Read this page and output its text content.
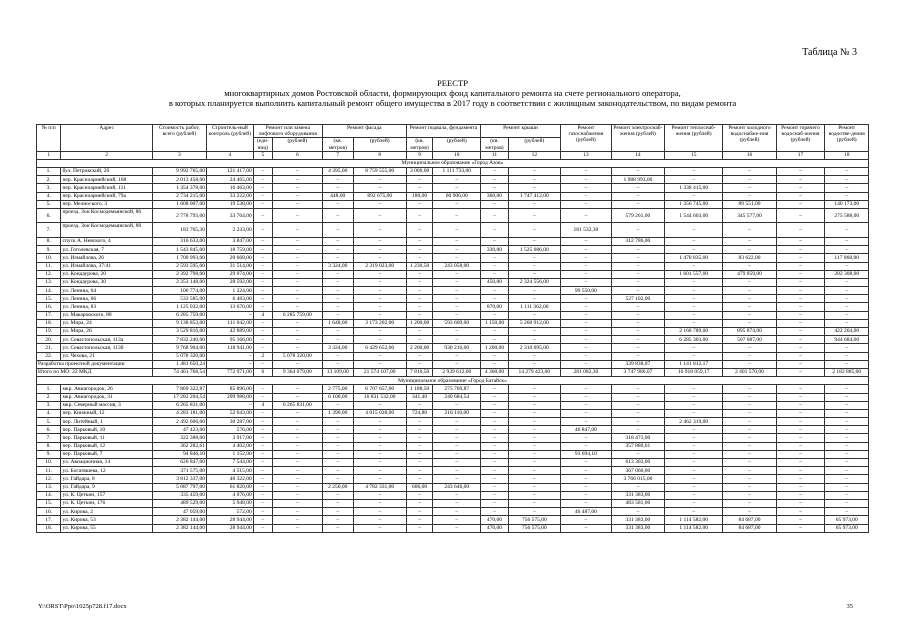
Таблица № 3
РЕЕСТР
многоквартирных домов Ростовской области, формирующих фонд капитального ремонта на счете регионального оператора,
в которых планируется выполнить капитальный ремонт общего имущества в 2017 году в соответствии с жилищным законодательством, по видам ремонта
№ п/п	Адрес	Стоимость работ, всего (рублей)	Строитель-ный контроль (рублей)	Ремонт или замена лифтового оборудования		Ремонт фасада		Ремонт подвала, фундамента		Ремонт крыши		Ремонт газоснабжения (рублей)	Ремонт электроснаб-жения (рублей)	Ремонт теплоснаб-жения (рублей)	Ремонт холодного водоснабже-ния (рублей)	Ремонт горячего водоснаб-жения (рублей)	Ремонт водоотве-дения (рублей)
				(еди-ниц)	(рублей)	(кв. метров)	(рублей)	(кв. метров)	(рублей)	(кв. метров)	(рублей)						
1	2	3	4	5	6	7	8	9	10	11	12	13	14	15	16	17	18
Муниципальное образование «Город Азов»																	
1.	бул. Петровский, 20	9 992 765,00	121 417,00	–	–	4 395,00	8 759 555,00	3 000,00	1 111 733,00	–	–	–	–	–	–	–	–
2.	пер. Красноармейский, 108	2 013 458,00	24 465,00	–	–	–	–	–	–	–	–	–	1 988 993,00	–	–	–	–
3.	пер. Красноармейский, 111	1 354 378,00	16 463,00	–	–	–	–	–	–	–	–	–	–	1 338 415,00	–	–	–
4.	пер. Красноармейский, 79а	2 734 215,00	33 222,00	–	–	448,00	892 675,00	180,00	60 906,00	360,00	1 747 412,00	–	–	–	–	–	–
5.	пер. Мелиоского, 3	1 608 007,00	19 538,00	–	–	–	–	–	–	–	–	–	–	1 356 745,00	89 551,00	–	140 173,00
6.	проезд. Зои Космодемьянской, 86	2 778 793,00	33 764,00	–	–	–	–	–	–	–	–	–	579 261,00	1 544 603,00	345 577,00	–	275 588,00
7.	проезд. Зои Космодемьянской, 88	183 765,30	2 233,00	–	–	–	–	–	–	–	–	181 532,30	–	–	–	–	–
8.	спуск А. Невского, 4	316 633,00	3 847,00	–	–	–	–	–	–	–	–	–	312 786,00	–	–	–	–
9.	ул. Гоголевская, 7	1 543 845,00	18 759,00	–	–	–	–	–	–	330,00	1 525 086,00	–	–	–	–	–	–
10.	ул. Измайлова, 26	1 700 993,00	20 668,00	–	–	–	–	–	–	–	–	–	–	1 478 835,00	83 622,00	–	117 868,00
11.	ул. Измайлова, 37/41	2 593 595,00	31 514,00	–	–	3 324,00	2 319 023,00	1 230,50	243 058,00	–	–	–	–	–	–	–	–
12.	ул. Кондаурова, 20	2 392 798,00	29 074,00	–	–	–	–	–	–	–	–	–	–	1 601 557,00	479 859,00	–	282 308,00
13.	ул. Кондаурова, 30	2 353 148,00	28 592,00	–	–	–	–	–	–	450,00	2 324 556,00	–	–	–	–	–	–
14.	ул. Ленина, 64	100 774,00	1 224,00	–	–	–	–	–	–	–	–	99 550,00	–	–	–	–	–
15.	ул. Ленина, 66	533 585,00	6 483,00	–	–	–	–	–	–	–	–	–	527 102,00	–	–	–	–
16.	ул. Ленина, 83	1 125 032,00	13 670,00	–	–	–	–	–	–	870,00	1 111 362,00	–	–	–	–	–	–
17.	ул. Макаровского, 88	6 285 759,00	–	4	6 285 759,00	–	–	–	–	–	–	–	–	–	–	–	–
18.	ул. Мира, 24	9 138 853,00	111 042,00	–	–	1 648,00	3 173 202,00	1 200,00	593 609,00	1 150,00	5 260 912,00	–	–	–	–	–	–
19.	ул. Мира, 26	3 529 816,00	42 889,00	–	–	–	–	–	–	–	–	–	–	2 168 789,00	895 874,00	–	422 264,00
20.	ул. Севастопольская, 113а	7 832 240,00	95 166,00	–	–	–	–	–	–	–	–	–	–	6 285 303,00	507 087,00	–	944 684,00
21.	ул. Севастопольская, 113б	9 768 904,00	118 941,00	–	–	3 324,00	6 429 652,00	2 200,00	930 216,00	1 200,00	2 310 095,00	–	–	–	–	–	–
22.	ул. Чехова, 21	5 078 320,00	–	2	5 078 320,00	–	–	–	–	–	–	–	–	–	–	–	–
Разработка проектной документации		1 481 650,24	–	–	–	–	–	–	–	–	–	–	339 838,07	1 141 812,17	–	–	–
Итого по МО: 22 МКД		74 461 768,54	772 971,00	6	9 364 079,00	13 109,00	21 574 107,00	7 810,50	2 939 612,00	4 360,00	14 279 423,00	281 082,30	3 747 980,07	16 918 059,17	2 401 570,00	–	2 182 885,00
Муниципальное образование «Город Батайск»																	
1.	мкр. Авиагородок, 26	7 869 322,87	85 896,00	–	–	2 775,00	6 707 657,00	1 188,50	275 769,87	–	–	–	–	–	–	–	–
2.	мкр. Авиагородок, 31	17 282 204,54	209 988,00	–	–	6 100,00	16 831 532,00	341,40	240 684,54	–	–	–	–	–	–	–	–
3.	мкр. Северный массив, 3	6 265 831,00	–	4	6 265 831,00	–	–	–	–	–	–	–	–	–	–	–	–
4.	пер. Книжный, 12	4 283 181,00	52 043,00	–	–	1 390,00	4 015 028,00	724,80	216 110,00	–	–	–	–	–	–	–	–
5.	пер. Литейный, 1	2 492 606,00	30 287,00	–	–	–	–	–	–	–	–	–	–	2 462 319,00	–	–	–
6.	пер. Парковый, 10	47 423,00	576,00	–	–	–	–	–	–	–	–	46 847,00	–	–	–	–	–
7.	пер. Парковый, 11	322 388,00	3 917,00	–	–	–	–	–	–	–	–	–	318 471,00	–	–	–	–
8.	пер. Парковый, 12	362 282,61	4 402,00	–	–	–	–	–	–	–	–	–	357 880,61	–	–	–	–
9.	пер. Парковый, 7	94 846,10	1 152,00	–	–	–	–	–	–	–	–	93 694,10	–	–	–	–	–
10.	ул. Авиационная, 14	620 847,00	7 544,00	–	–	–	–	–	–	–	–	–	613 303,00	–	–	–	–
11.	ул. Богатяшева, 12	371 575,00	4 515,00	–	–	–	–	–	–	–	–	–	367 060,00	–	–	–	–
12.	ул. Гайдара, 8	3 812 337,00	46 322,00	–	–	–	–	–	–	–	–	–	3 766 015,00	–	–	–	–
13.	ул. Гайдара, 9	5 087 797,00	61 820,00	–	–	2 250,00	4 782 331,00	606,00	243 646,00	–	–	–	–	–	–	–	–
14.	ул. К. Цеткин, 157	335 459,00	4 076,00	–	–	–	–	–	–	–	–	–	331 383,00	–	–	–	–
15.	ул. К. Цеткин, 176	489 529,00	5 948,00	–	–	–	–	–	–	–	–	–	483 581,00	–	–	–	–
16.	ул. Кирова, 2	47 059,00	572,00	–	–	–	–	–	–	–	–	46 487,00	–	–	–	–	–
17.	ул. Кирова, 53	2 382 144,00	28 944,00	–	–	–	–	–	–	470,00	756 575,00	–	331 383,00	1 114 582,00	84 687,00	–	65 973,00
18.	ул. Кирова, 55	2 382 144,00	28 944,00	–	–	–	–	–	–	470,00	756 575,00	–	331 383,00	1 114 582,00	84 687,00	–	65 973,00
Y:\ORST\Ppo\1025p728.f17.docx	35
